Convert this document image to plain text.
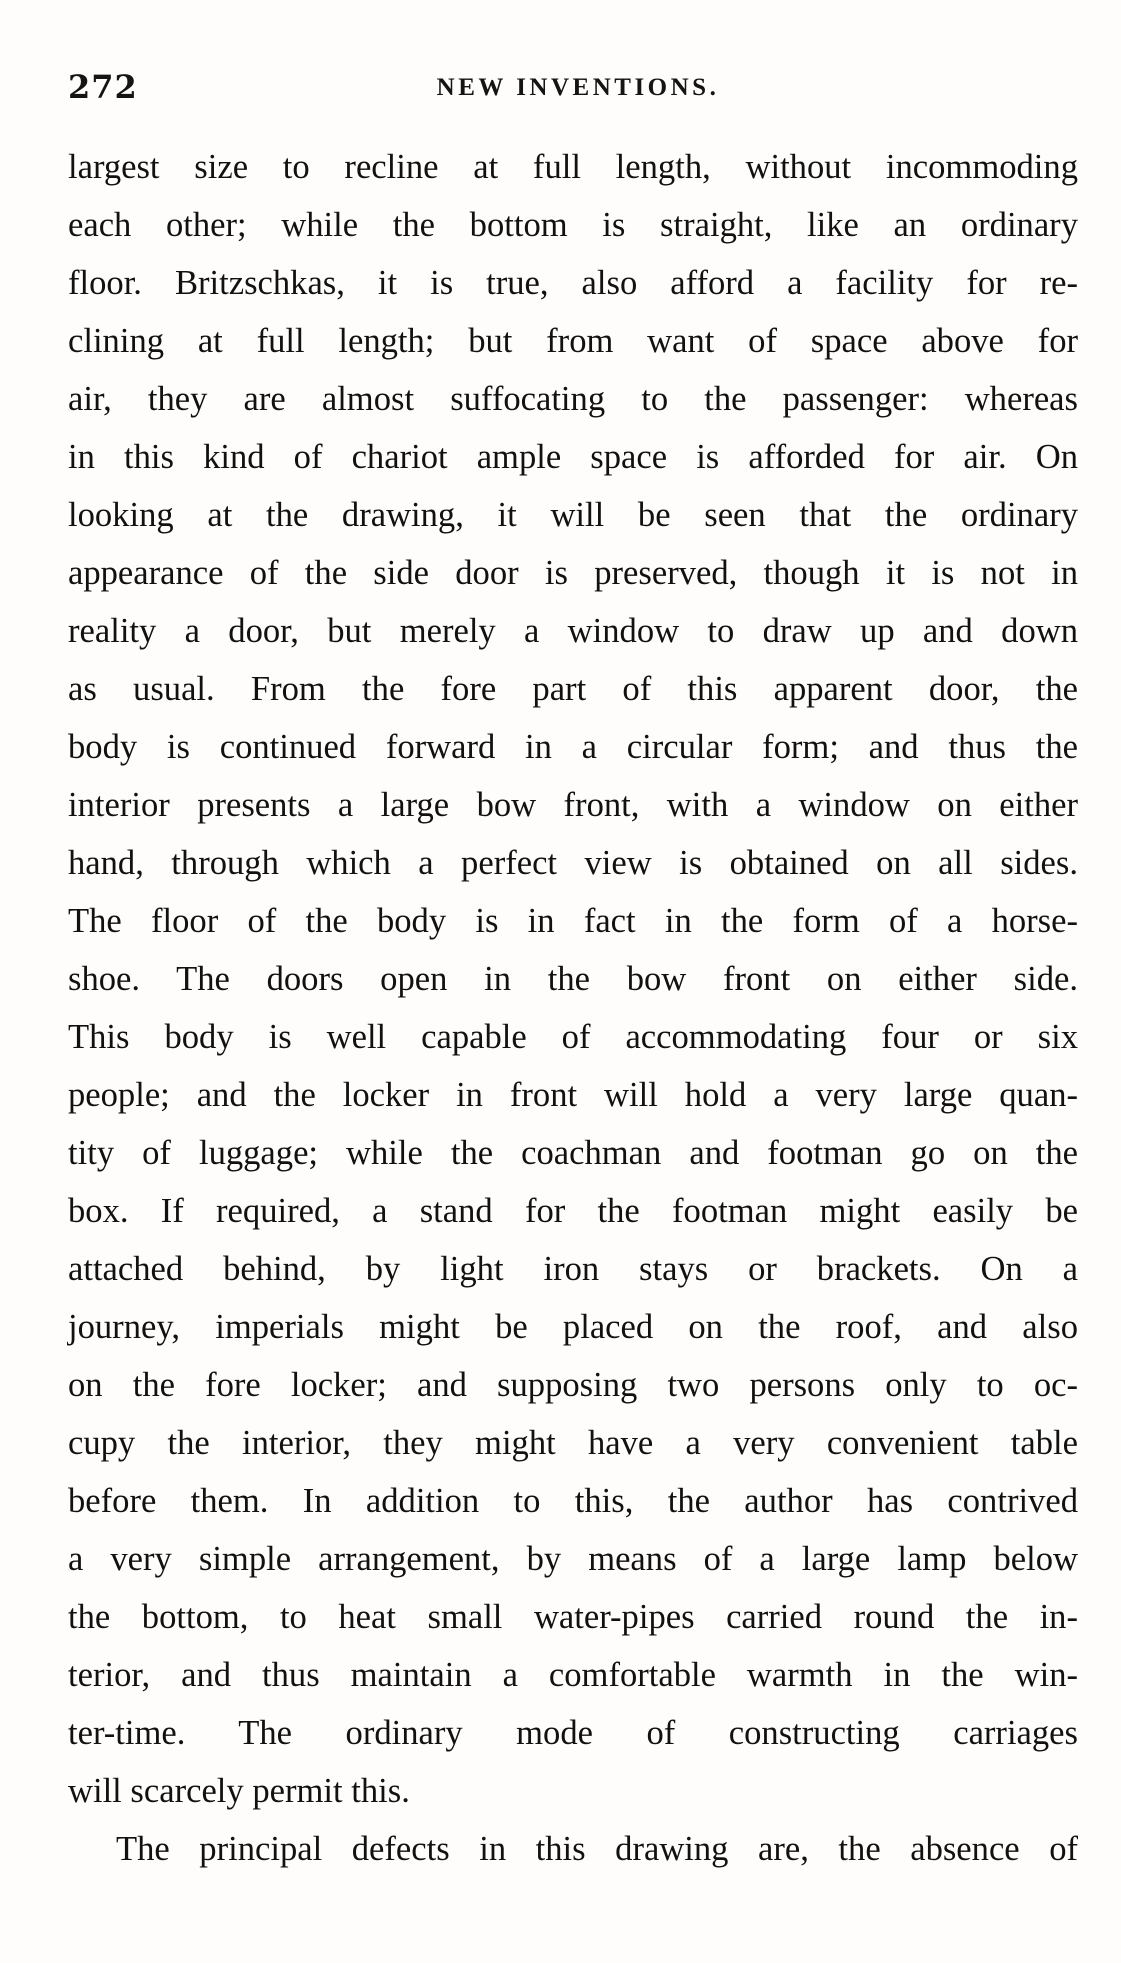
272	NEW INVENTIONS.
largest size to recline at full length, without incommoding
each other; while the bottom is straight, like an ordinary
floor. Britzschkas, it is true, also afford a facility for re-
clining at full length; but from want of space above for
air, they are almost suffocating to the passenger: whereas
in this kind of chariot ample space is afforded for air. On
looking at the drawing, it will be seen that the ordinary
appearance of the side door is preserved, though it is not in
reality a door, but merely a window to draw up and down
as usual. From the fore part of this apparent door, the
body is continued forward in a circular form; and thus the
interior presents a large bow front, with a window on either
hand, through which a perfect view is obtained on all sides.
The floor of the body is in fact in the form of a horse-
shoe. The doors open in the bow front on either side.
This body is well capable of accommodating four or six
people; and the locker in front will hold a very large quan-
tity of luggage; while the coachman and footman go on the
box. If required, a stand for the footman might easily be
attached behind, by light iron stays or brackets. On a
journey, imperials might be placed on the roof, and also
on the fore locker; and supposing two persons only to oc-
cupy the interior, they might have a very convenient table
before them. In addition to this, the author has contrived
a very simple arrangement, by means of a large lamp below
the bottom, to heat small water-pipes carried round the in-
terior, and thus maintain a comfortable warmth in the win-
ter-time. The ordinary mode of constructing carriages
will scarcely permit this.
The principal defects in this drawing are, the absence of
